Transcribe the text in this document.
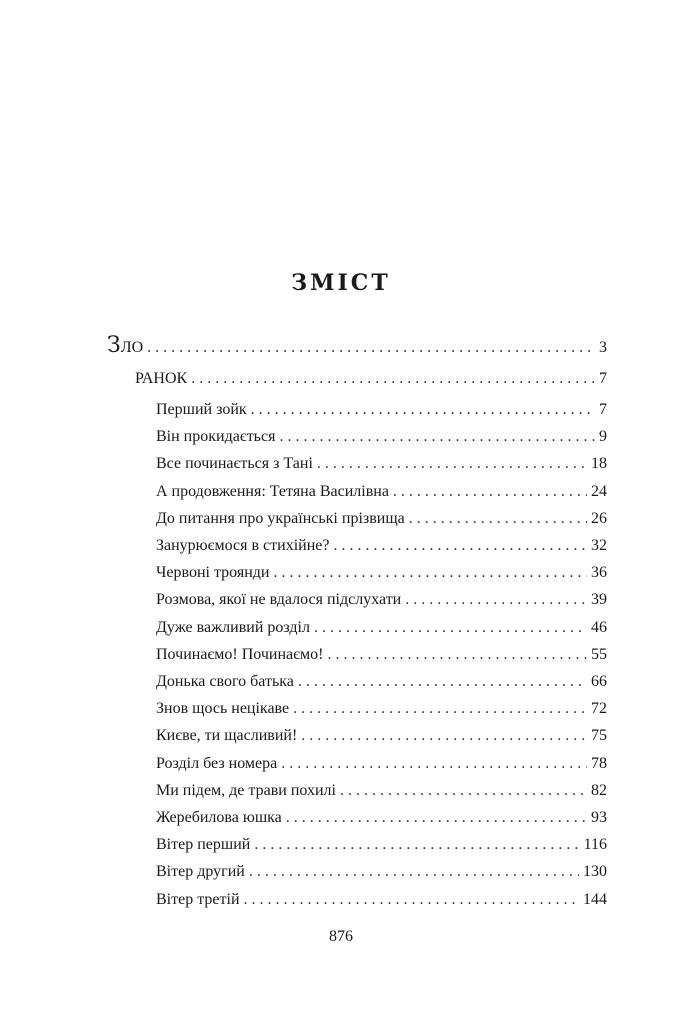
ЗМІСТ
ЗЛО . . .	3
РАНОК . . .	7
Перший зойк . . .	7
Він прокидається . . .	9
Все починається з Тані . . .	18
А продовження: Тетяна Василівна . . .	24
До питання про українські прізвища . . .	26
Занурюємося в стихійне? . . .	32
Червоні троянди . . .	36
Розмова, якої не вдалося підслухати . . .	39
Дуже важливий розділ . . .	46
Починаємо! Починаємо! . . .	55
Донька свого батька . . .	66
Знов щось нецікаве . . .	72
Києве, ти щасливий! . . .	75
Розділ без номера . . .	78
Ми підем, де трави похилі . . .	82
Жеребилова юшка . . .	93
Вітер перший . . .	116
Вітер другий . . .	130
Вітер третій . . .	144
876
